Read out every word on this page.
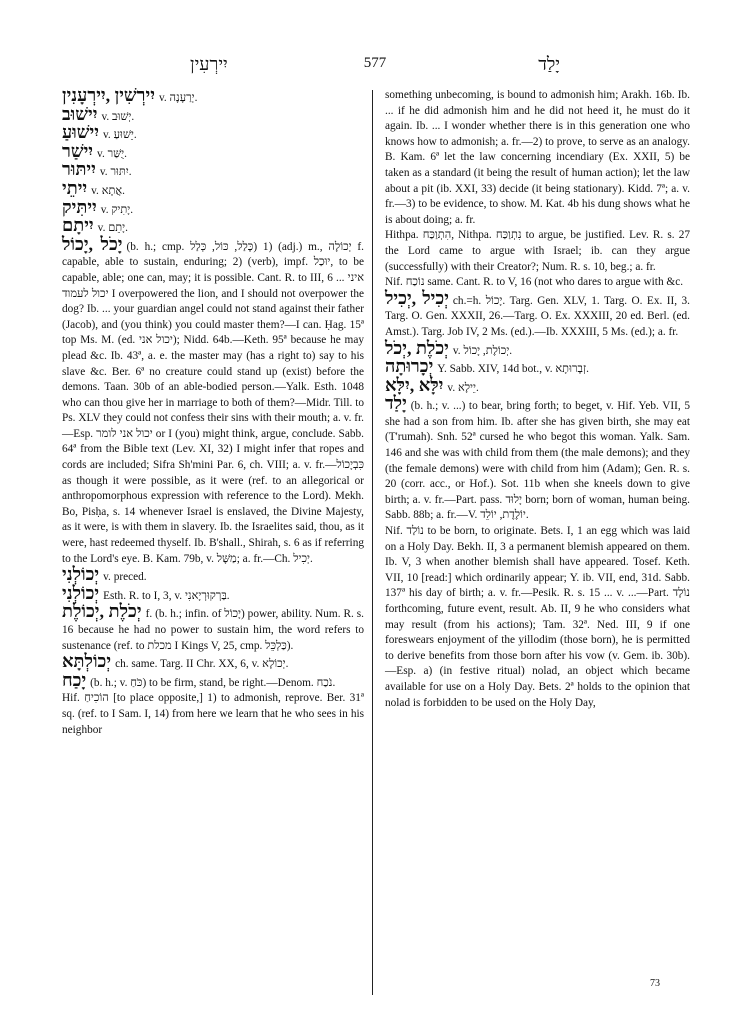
יִירְעִין	577	יָלַד

יִירְשִׁין ,יִירְעָנִין v. יְרַעָנָה.

יִישׁוּב v. יְשׁוּב.

יִישׁוּעַ v. יֵשׁוּעַ.

יִישַׁר v. יֻשַּׁר.

יִיתּוּר v. יִתּוּר.

יִיתֵי v. אֲתָא.

יִיתִּיק v. יָתִיק.

יִיתָם v. יָתֵם.

יָכֹל ,יָכוֹל (b. h.; cmp. כָּלַל, כּוֹל, כְּלַל) 1) (adj.) m., יְכוֹלָה f. capable, able to sustain, enduring; 2) (verb), impf. יוּכַל, to be capable, able; one can, may; it is possible. Cant. R. to III, 6 ... איני יכול לעמוד I overpowered the lion, and I should not overpower the dog? Ib. ... your guardian angel could not stand against their father (Jacob), and (you think) you could master them?—I can. Ḥag. 15ª top Ms. M. (ed. יכול אני); Nidd. 64b.—Keth. 95ª because he may plead &c. Ib. 43ª, a. e. the master may (has a right to) say to his slave &c. Ber. 6ª no creature could stand up (exist) before the demons. Taan. 30b of an able-bodied person.—Yalk. Esth. 1048 who can thou give her in marriage to both of them?—Midr. Till. to Ps. XLV they could not confess their sins with their mouth; a. v. fr.—Esp. יכול אני לומר or I (you) might think, argue, conclude. Sabb. 64ª from the Bible text (Lev. XI, 32) I might infer that ropes and cords are included; Sifra Sh'mini Par. 6, ch. VIII; a. v. fr.—כִּבְיָכוֹל as though it were possible, as it were (ref. to an allegorical or anthropomorphous expression with reference to the Lord). Mekh. Bo, Pisḥa, s. 14 whenever Israel is enslaved, the Divine Majesty, as it were, is with them in slavery. Ib. the Israelites said, thou, as it were, hast redeemed thyself. Ib. B'shall., Shirah, s. 6 as if referring to the Lord's eye. B. Kam. 79b, v. מַשָּׁל; a. fr.—Ch. יְכִיל.

יְכוֹלְנִי v. preced.

יְכוֹלְנִי Esth. R. to I, 3, v. בַּרְקוּרְיָאנִי.

יְכֹלֶת ,יְכוֹלֶת f. (b. h.; infin. of יָכוֹל) power, ability. Num. R. s. 16 because he had no power to sustain him, the word refers to sustenance (ref. to מכלת I Kings V, 25, cmp. כַּלְכֵּל).

יְכוֹלְתָּא ch. same. Targ. II Chr. XX, 6, v. יְכוֹלָא.

יָכַח (b. h.; v. כֹּחַ) to be firm, stand, be right.—Denom. נֹכַח.

Hif. הוֹכִיחַ [to place opposite,] 1) to admonish, reprove. Ber. 31ª sq. (ref. to I Sam. I, 14) from here we learn that he who sees in his neighbor

something unbecoming, is bound to admonish him; Arakh. 16b. Ib. ... if he did admonish him and he did not heed it, he must do it again. Ib. ... I wonder whether there is in this generation one who knows how to admonish; a. fr.—2) to prove, to serve as an analogy. B. Kam. 6ª let the law concerning incendiary (Ex. XXII, 5) be taken as a standard (it being the result of human action); let the law about a pit (ib. XXI, 33) decide (it being stationary). Kidd. 7ª; a. v. fr.—3) to be evidence, to show. M. Kat. 4b his dung shows what he is about doing; a. fr.

Hithpa. הִתְוַכַּח, Nithpa. נִתְוַכַּח to argue, be justified. Lev. R. s. 27 the Lord came to argue with Israel; ib. can they argue (successfully) with their Creator?; Num. R. s. 10, beg.; a. fr.

Nif. נוֹכַח same. Cant. R. to V, 16 (not who dares to argue with &c.

יְכִיל ,יְכִיל ch.=h. יָכוֹל. Targ. Gen. XLV, 1. Targ. O. Ex. II, 3. Targ. O. Gen. XXXII, 26.—Targ. O. Ex. XXXIII, 20 ed. Berl. (ed. Amst.). Targ. Job IV, 2 Ms. (ed.).—Ib. XXXIII, 5 Ms. (ed.); a. fr.

יְכֹלֶת ,יְכֹל v. יְכוֹלֶת, יָכוֹל.

יְכָרוּתָה Y. Sabb. XIV, 14d bot., v. זְבָרוּתָא.

יִלָּא ,יִלָּא v. יֵילָא.

יָלַד (b. h.; v. ...) to bear, bring forth; to beget, v. Hif. Yeb. VII, 5 she had a son from him. Ib. after she has given birth, she may eat (T'rumah). Snh. 52ª cursed he who begot this woman. Yalk. Sam. 146 and she was with child from them (the male demons); and they (the female demons) were with child from him (Adam); Gen. R. s. 20 (corr. acc., or Hof.). Sot. 11b when she kneels down to give birth; a. v. fr.—Part. pass. יָלוּד born; born of woman, human being. Sabb. 88b; a. fr.—V. יוֹלֶדֶת, יוֹלֵד.

Nif. נוֹלַד to be born, to originate. Bets. I, 1 an egg which was laid on a Holy Day. Bekh. II, 3 a permanent blemish appeared on them. Ib. V, 3 when another blemish shall have appeared. Tosef. Keth. VII, 10 [read:] which ordinarily appear; Y. ib. VII, end, 31d. Sabb. 137ª his day of birth; a. v. fr.—Pesik. R. s. 15 ... v. ...—Part. נוֹלָד forthcoming, future event, result. Ab. II, 9 he who considers what may result (from his actions); Tam. 32ª. Ned. III, 9 if one foreswears enjoyment of the yillodim (those born), he is permitted to derive benefits from those born after his vow (v. Gem. ib. 30b).—Esp. a) (in festive ritual) nolad, an object which became available for use on a Holy Day. Bets. 2ª holds to the opinion that nolad is forbidden to be used on the Holy Day,

73
